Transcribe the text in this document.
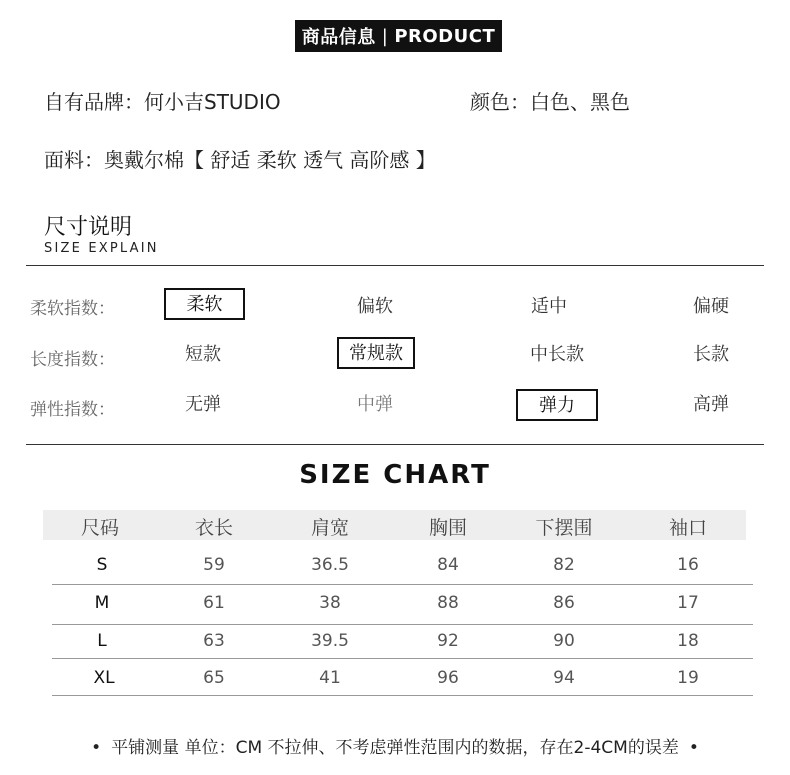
商品信息 | PRODUCT
自有品牌：何小吉STUDIO	颜色：白色、黑色
面料：奥戴尔棉【 舒适 柔软 透气 高阶感 】
尺寸说明
SIZE EXPLAIN
柔软指数：	柔软	偏软	适中	偏硬
长度指数：	短款	常规款	中长款	长款
弹性指数：	无弹	中弹	弹力	高弹
SIZE CHART
尺码	衣长	肩宽	胸围	下摆围	袖口
S	59	36.5	84	82	16
M	61	38	88	86	17
L	63	39.5	92	90	18
XL	65	41	96	94	19
• 平铺测量 单位：CM 不拉伸、不考虑弹性范围内的数据，存在2-4CM的误差 •
